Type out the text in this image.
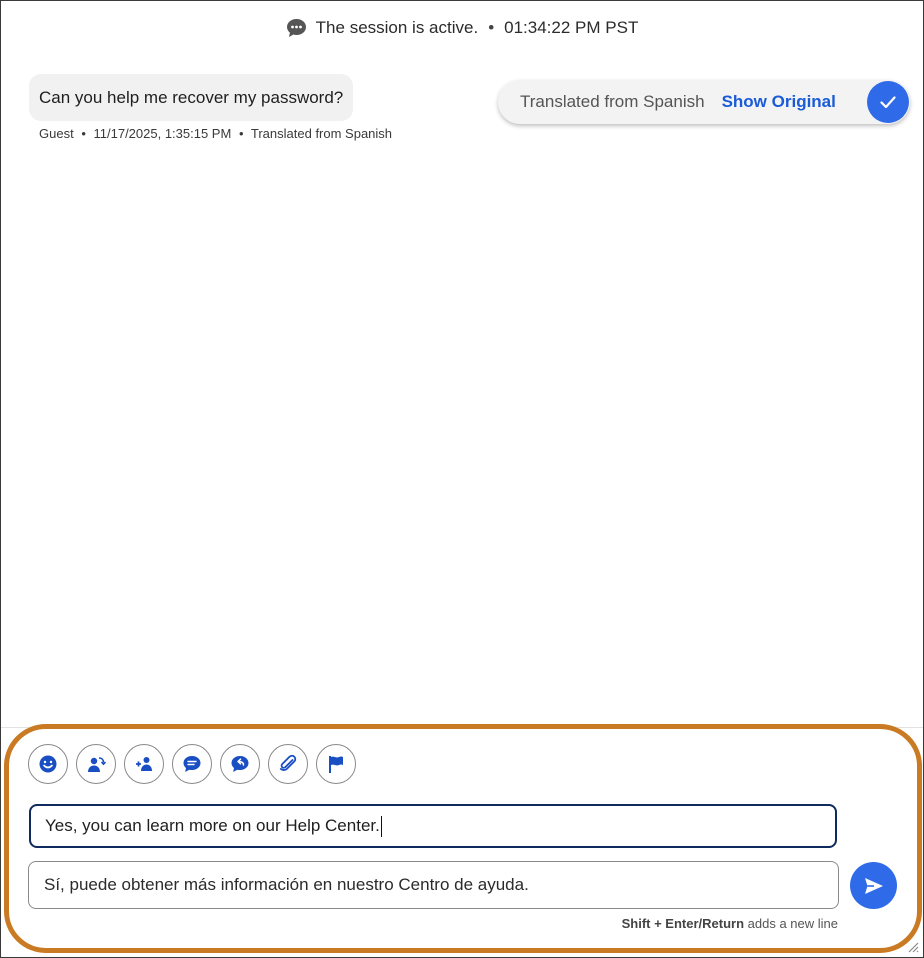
The session is active. • 01:34:22 PM PST
Can you help me recover my password?
Guest • 11/17/2025, 1:35:15 PM • Translated from Spanish
Translated from Spanish Show Original
Yes, you can learn more on our Help Center.
Sí, puede obtener más información en nuestro Centro de ayuda.
Shift + Enter/Return adds a new line
